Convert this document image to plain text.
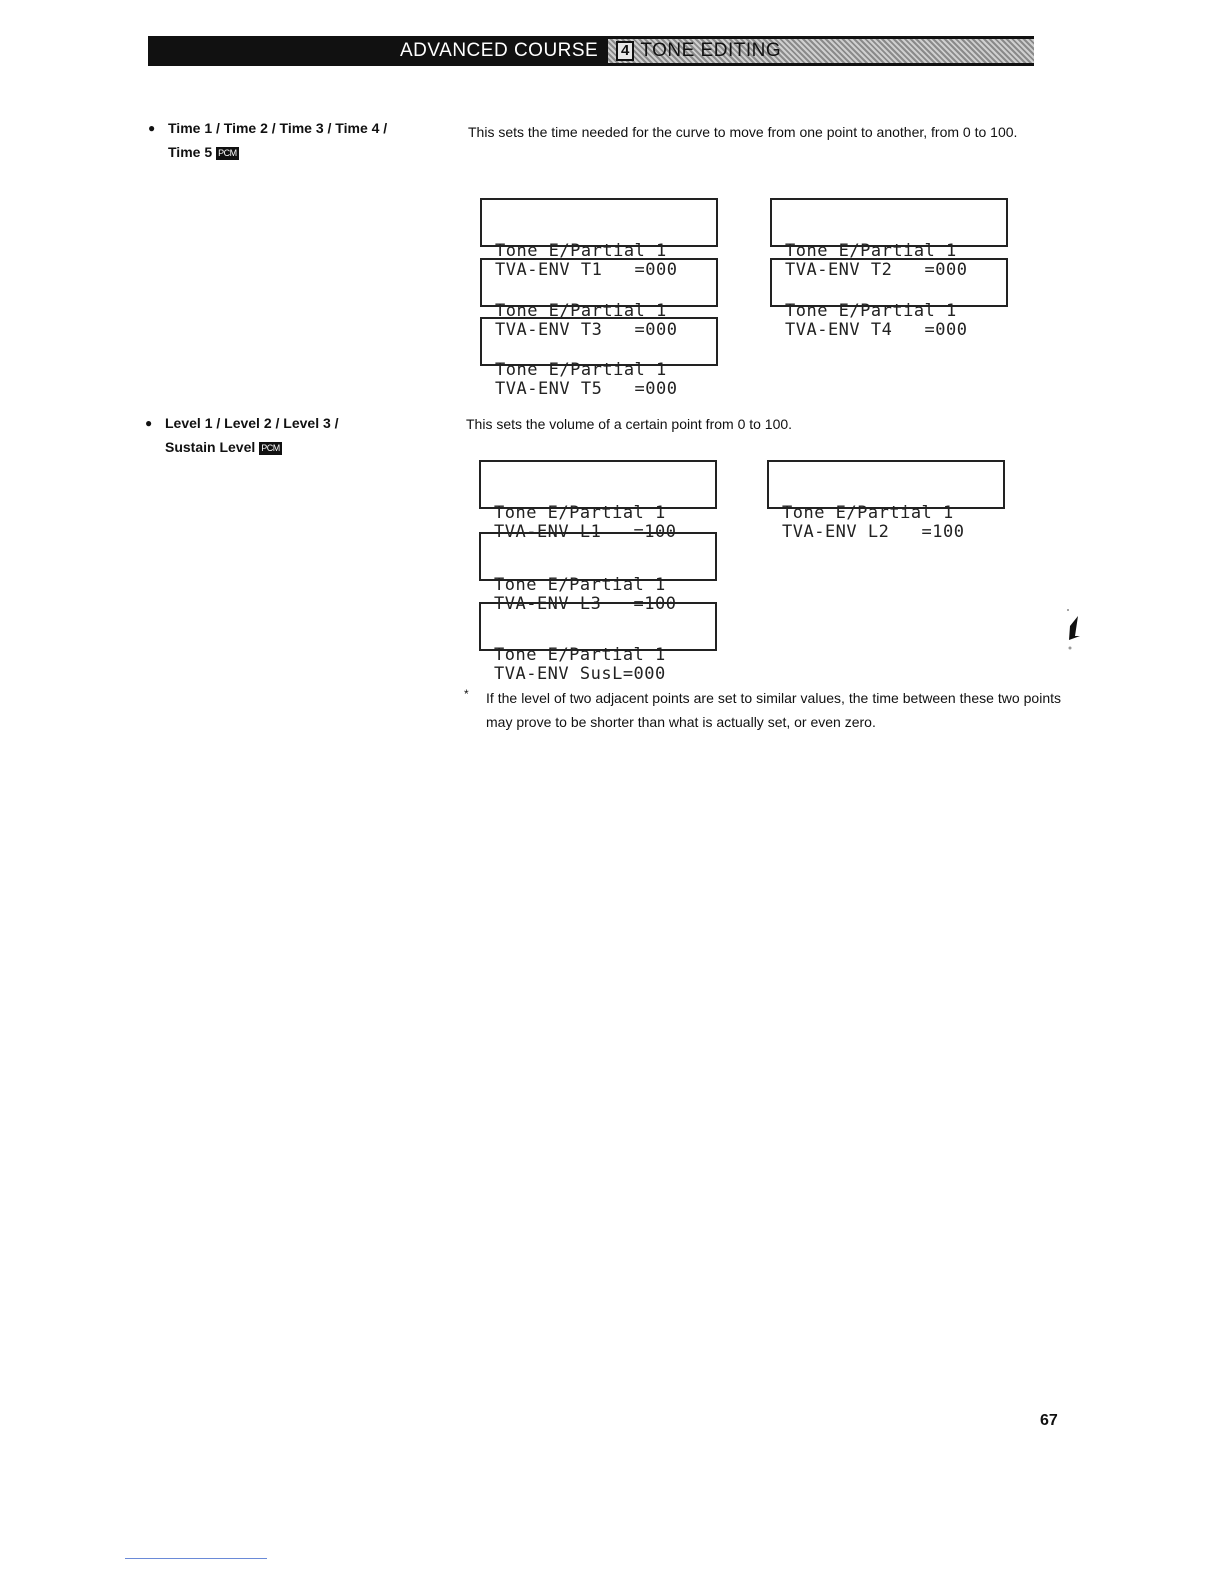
ADVANCED COURSE	4 TONE EDITING
● Time 1 / Time 2 / Time 3 / Time 4 /
Time 5 PCM
This sets the time needed for the curve to move from one point to another, from 0 to 100.

Tone E/Partial 1
TVA-ENV T1   =000

Tone E/Partial 1
TVA-ENV T2   =000

Tone E/Partial 1
TVA-ENV T3   =000

Tone E/Partial 1
TVA-ENV T4   =000

Tone E/Partial 1
TVA-ENV T5   =000

● Level 1 / Level 2 / Level 3 /
Sustain Level PCM
This sets the volume of a certain point from 0 to 100.

Tone E/Partial 1
TVA-ENV L1   =100

Tone E/Partial 1
TVA-ENV L2   =100

Tone E/Partial 1
TVA-ENV L3   =100

Tone E/Partial 1
TVA-ENV SusL=000

* If the level of two adjacent points are set to similar values, the time between these two points may prove to be shorter than what is actually set, or even zero.
67
